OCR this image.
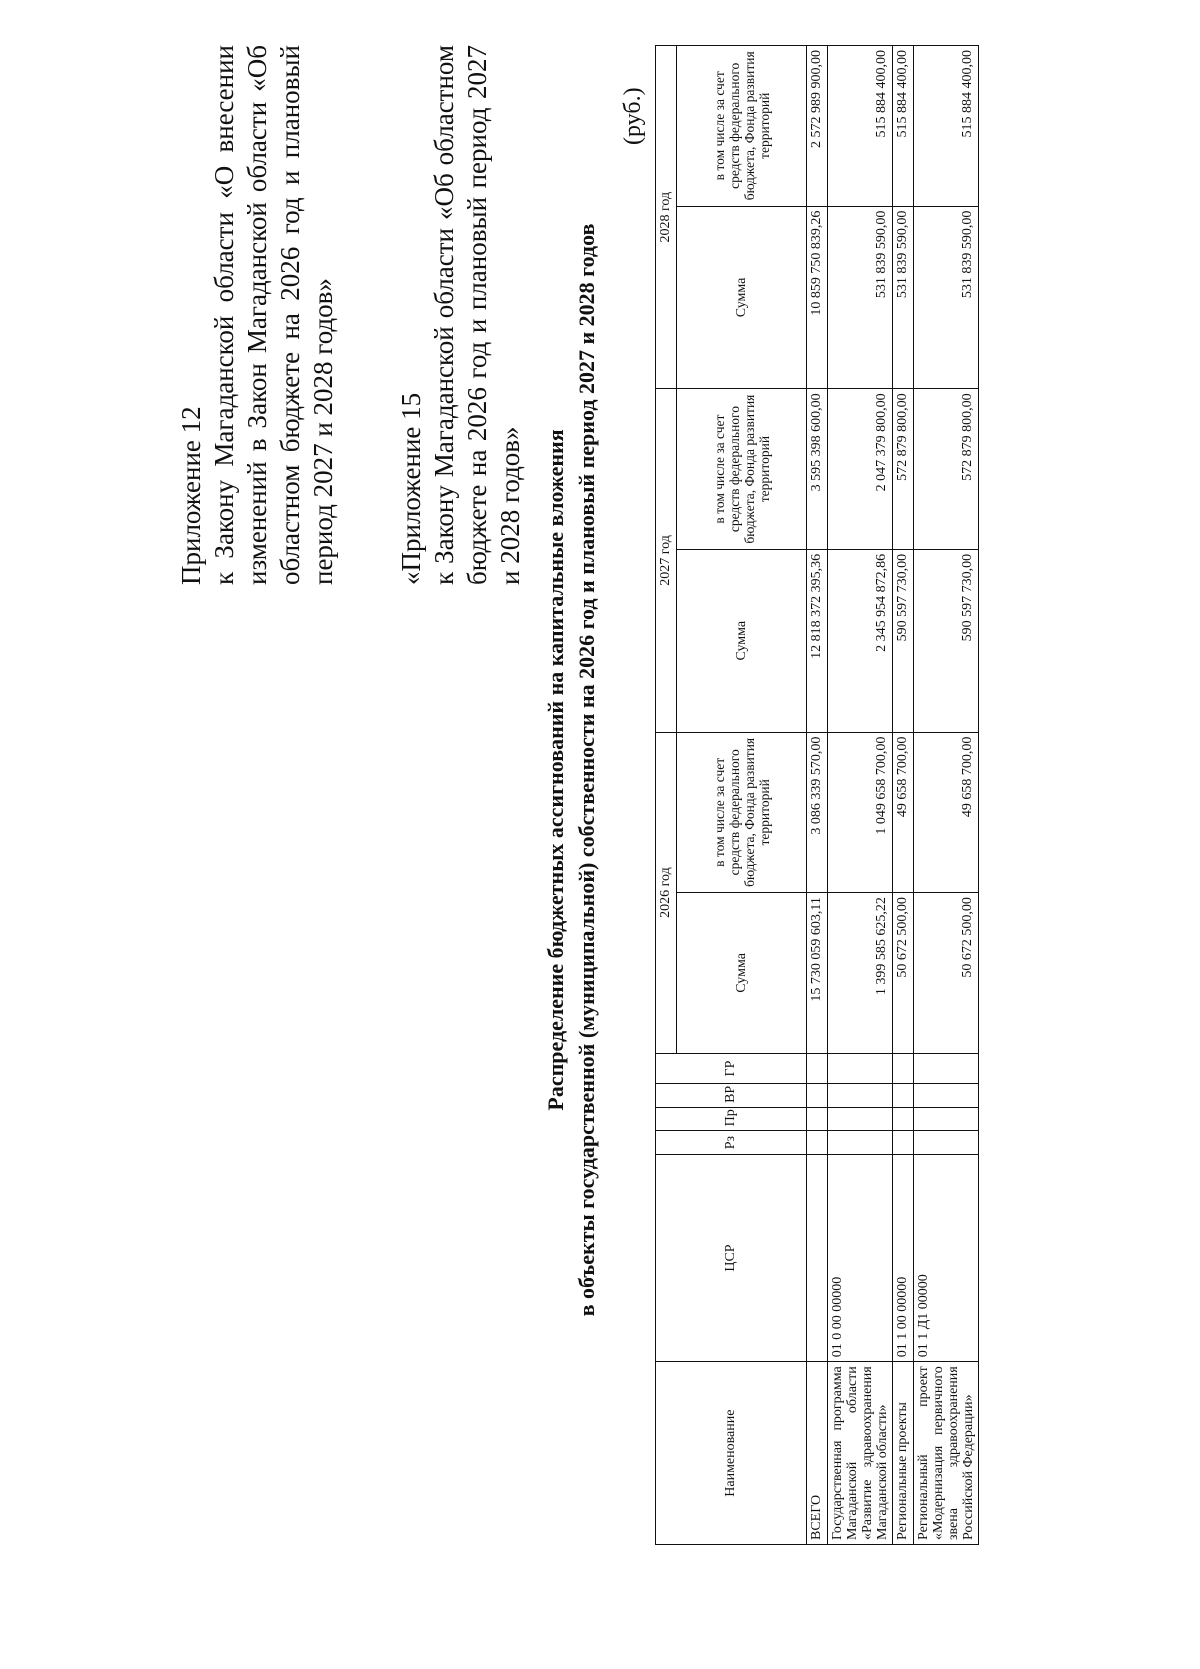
Приложение 12 к Закону Магаданской области «О внесении изменений в Закон Магаданской области «Об областном бюджете на 2026 год и плановый период 2027 и 2028 годов» «Приложение 15 к Закону Магаданской области «Об областном бюджете на 2026 год и плановый период 2027 и 2028 годов» Распределение бюджетных ассигнований на капитальные вложения в объекты государственной (муниципальной) собственности на 2026 год и плановый период 2027 и 2028 годов
(руб.)
Наименование	ЦСР	Рз	Пр	ВР	ГР	2026 год		2027 год		2028 год	
						Сумма	в том числе за счет средств федерального бюджета, Фонда развития территорий	Сумма	в том числе за счет средств федерального бюджета, Фонда развития территорий	Сумма	в том числе за счет средств федерального бюджета, Фонда развития территорий
ВСЕГО						15 730 059 603,11	3 086 339 570,00	12 818 372 395,36	3 595 398 600,00	10 859 750 839,26	2 572 989 900,00
Государственная программа Магаданской области «Развитие здравоохранения Магаданской области»	01 0 00 00000					1 399 585 625,22	1 049 658 700,00	2 345 954 872,86	2 047 379 800,00	531 839 590,00	515 884 400,00
Региональные проекты	01 1 00 00000					50 672 500,00	49 658 700,00	590 597 730,00	572 879 800,00	531 839 590,00	515 884 400,00
Региональный проект «Модернизация первичного звена здравоохранения Российской Федерации»	01 1 Д1 00000					50 672 500,00	49 658 700,00	590 597 730,00	572 879 800,00	531 839 590,00	515 884 400,00
